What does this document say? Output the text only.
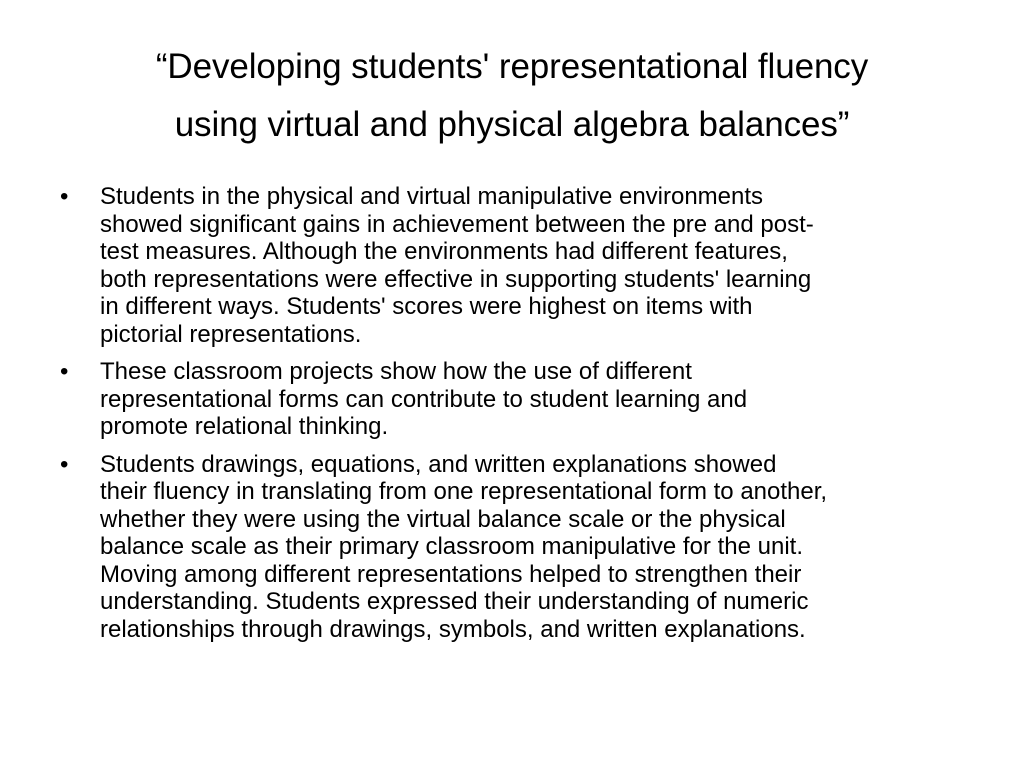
“Developing students' representational fluency
using virtual and physical algebra balances”
•	Students in the physical and virtual manipulative environments
showed significant gains in achievement between the pre and post-
test measures. Although the environments had different features,
both representations were effective in supporting students' learning
in different ways. Students' scores were highest on items with
pictorial representations.
•	These classroom projects show how the use of different
representational forms can contribute to student learning and
promote relational thinking.
•	Students drawings, equations, and written explanations showed
their fluency in translating from one representational form to another,
whether they were using the virtual balance scale or the physical
balance scale as their primary classroom manipulative for the unit.
Moving among different representations helped to strengthen their
understanding. Students expressed their understanding of numeric
relationships through drawings, symbols, and written explanations.
